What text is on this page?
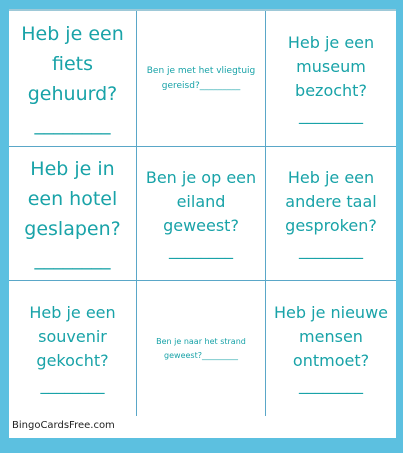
Heb je een fiets gehuurd?________
Ben je met het vliegtuig gereisd?_________
Heb je een museum bezocht?________
Heb je in een hotel geslapen?________
Ben je op een eiland geweest?________
Heb je een andere taal gesproken?________
Heb je een souvenir gekocht?________
Ben je naar het strand geweest?_________
Heb je nieuwe mensen ontmoet?________
BingoCardsFree.com
